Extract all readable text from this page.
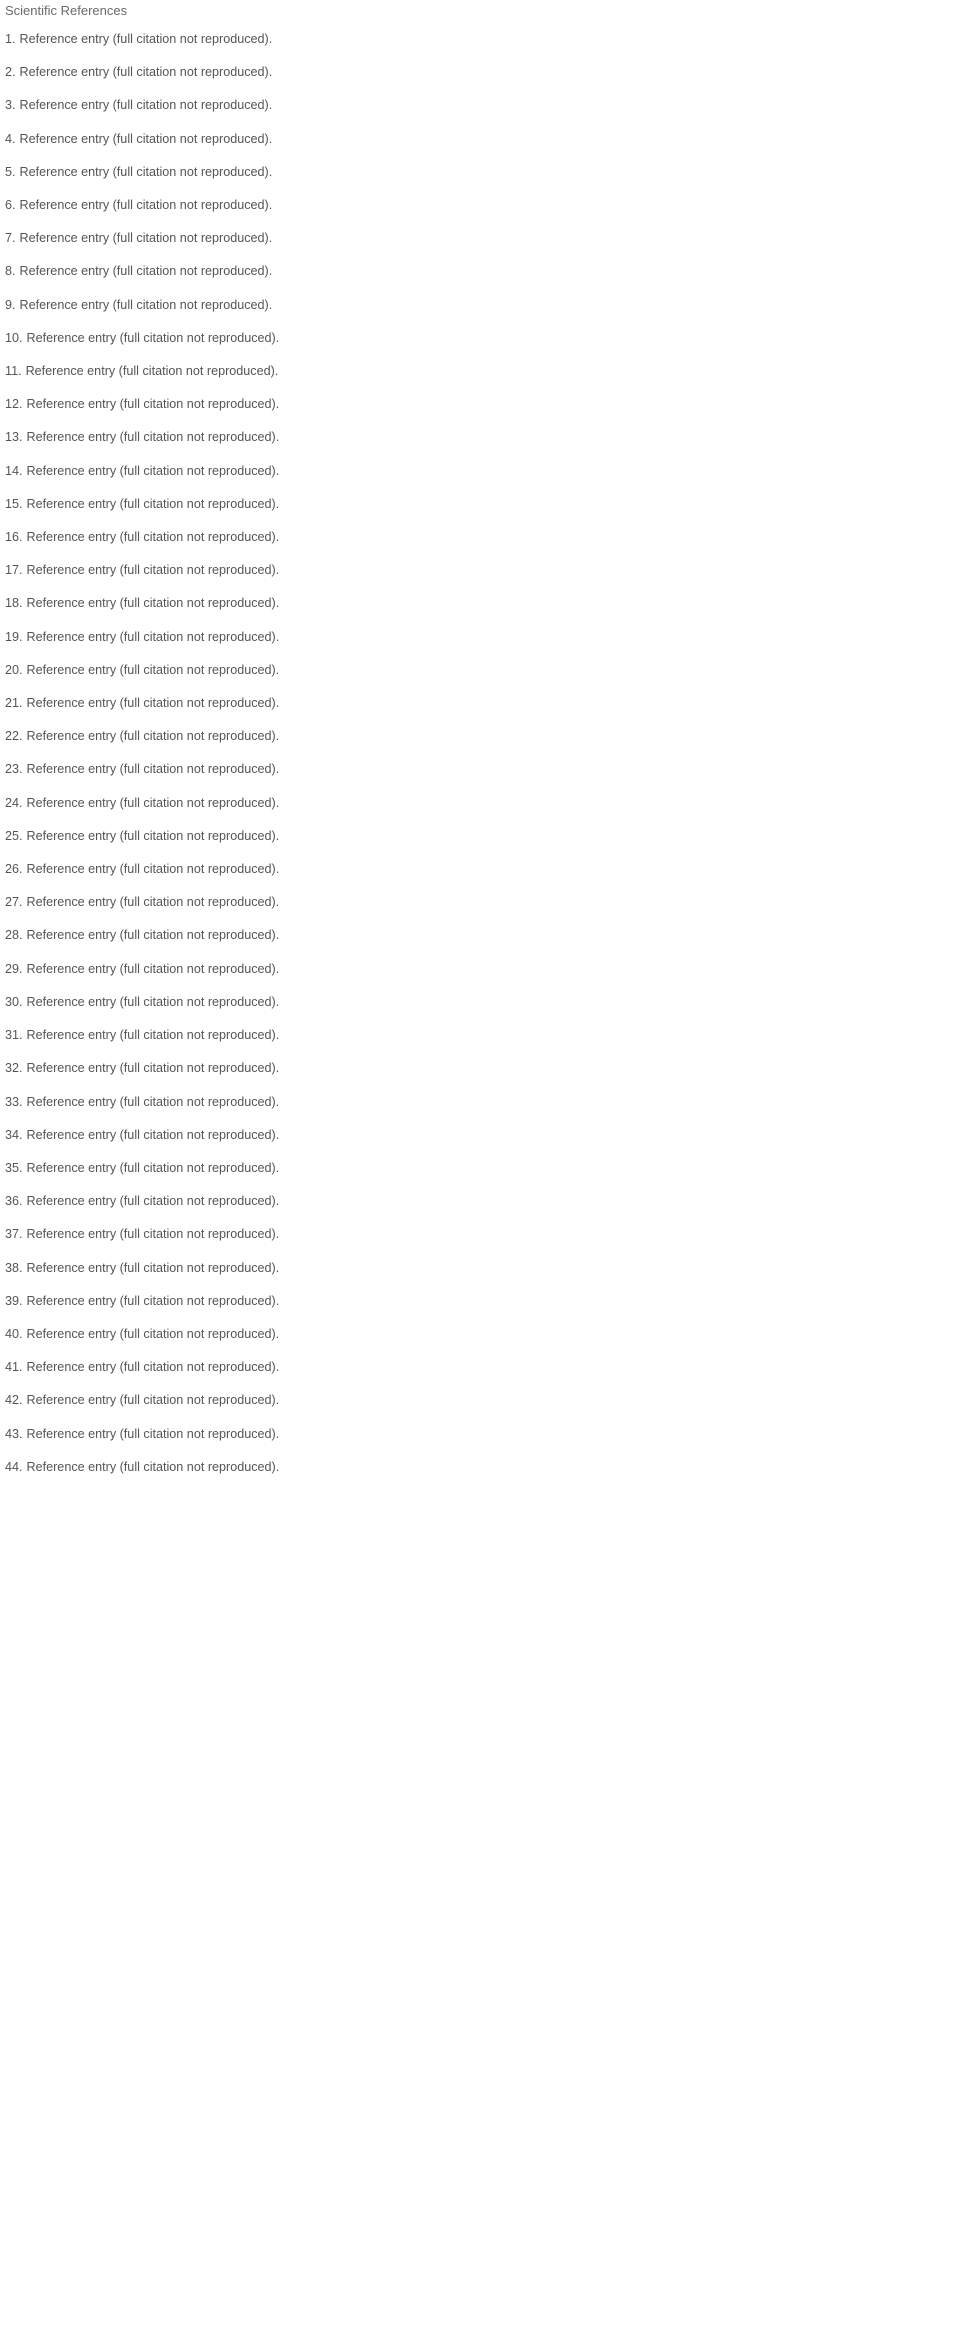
Scientific References
1. Reference entry (full citation not reproduced).
2. Reference entry (full citation not reproduced).
3. Reference entry (full citation not reproduced).
4. Reference entry (full citation not reproduced).
5. Reference entry (full citation not reproduced).
6. Reference entry (full citation not reproduced).
7. Reference entry (full citation not reproduced).
8. Reference entry (full citation not reproduced).
9. Reference entry (full citation not reproduced).
10. Reference entry (full citation not reproduced).
11. Reference entry (full citation not reproduced).
12. Reference entry (full citation not reproduced).
13. Reference entry (full citation not reproduced).
14. Reference entry (full citation not reproduced).
15. Reference entry (full citation not reproduced).
16. Reference entry (full citation not reproduced).
17. Reference entry (full citation not reproduced).
18. Reference entry (full citation not reproduced).
19. Reference entry (full citation not reproduced).
20. Reference entry (full citation not reproduced).
21. Reference entry (full citation not reproduced).
22. Reference entry (full citation not reproduced).
23. Reference entry (full citation not reproduced).
24. Reference entry (full citation not reproduced).
25. Reference entry (full citation not reproduced).
26. Reference entry (full citation not reproduced).
27. Reference entry (full citation not reproduced).
28. Reference entry (full citation not reproduced).
29. Reference entry (full citation not reproduced).
30. Reference entry (full citation not reproduced).
31. Reference entry (full citation not reproduced).
32. Reference entry (full citation not reproduced).
33. Reference entry (full citation not reproduced).
34. Reference entry (full citation not reproduced).
35. Reference entry (full citation not reproduced).
36. Reference entry (full citation not reproduced).
37. Reference entry (full citation not reproduced).
38. Reference entry (full citation not reproduced).
39. Reference entry (full citation not reproduced).
40. Reference entry (full citation not reproduced).
41. Reference entry (full citation not reproduced).
42. Reference entry (full citation not reproduced).
43. Reference entry (full citation not reproduced).
44. Reference entry (full citation not reproduced).
